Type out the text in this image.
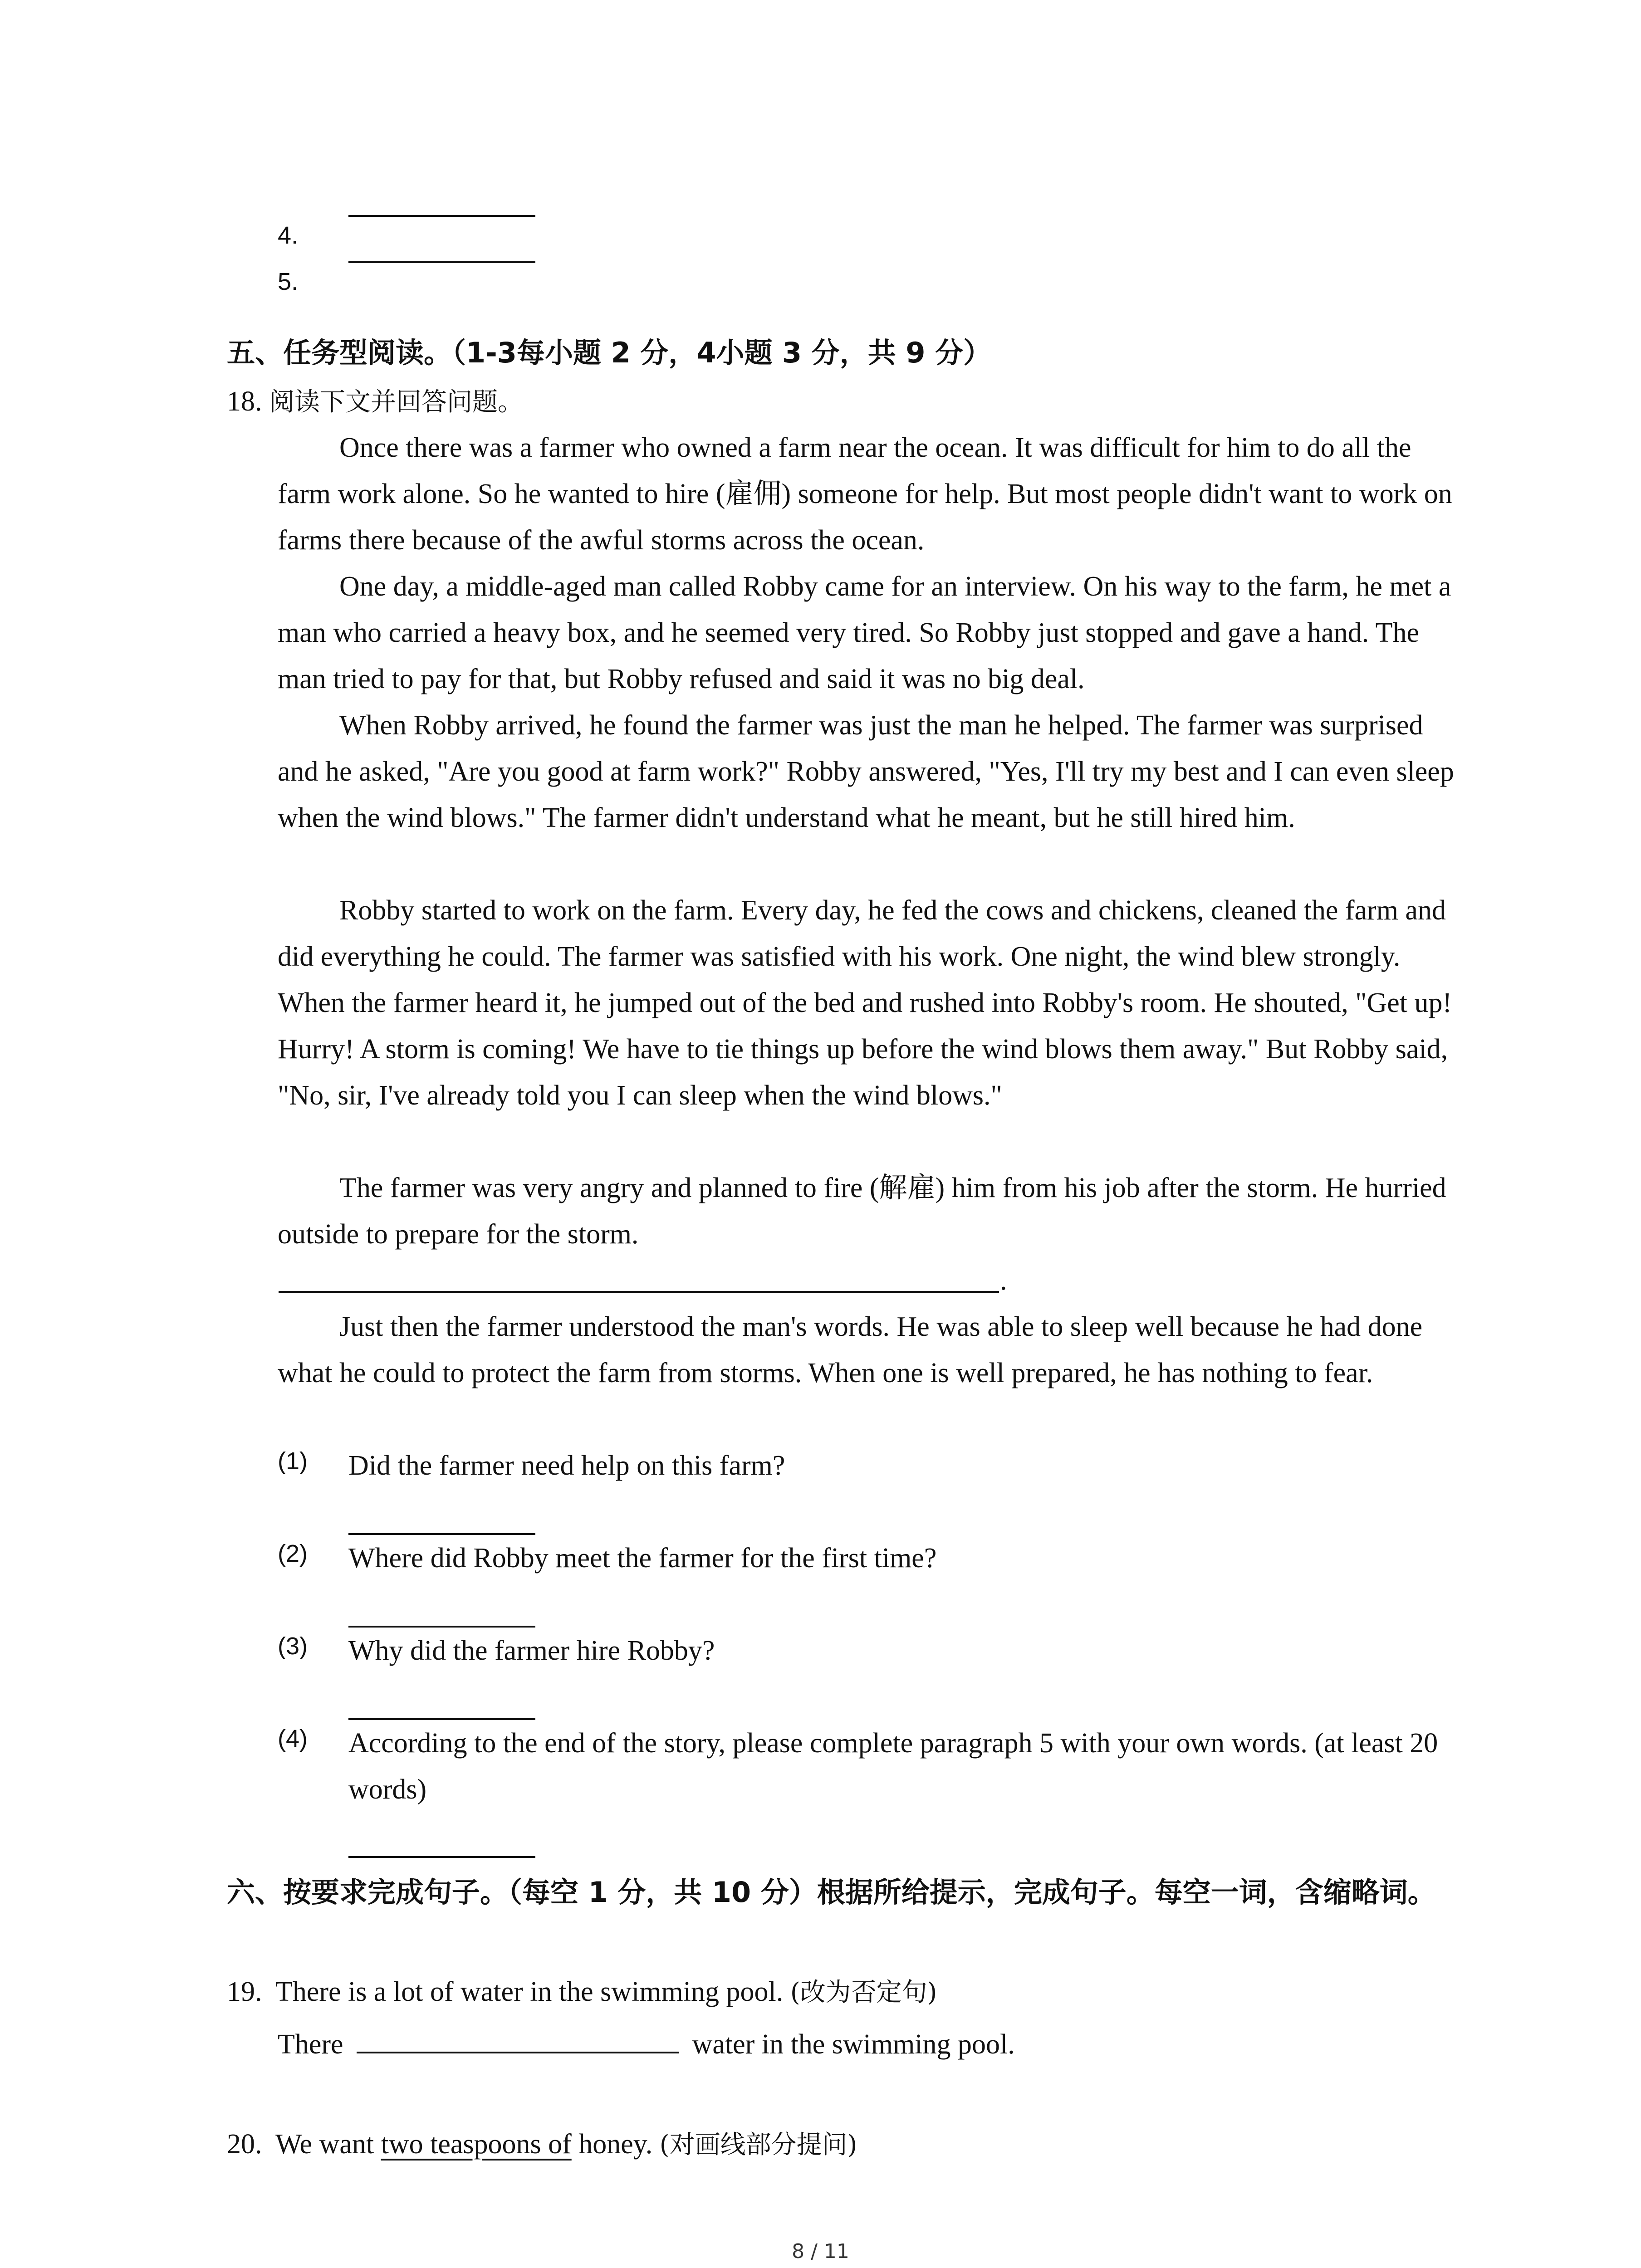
4.
5.
五、任务型阅读。（1-3每小题 2 分，4小题 3 分，共 9 分）
18. 阅读下文并回答问题。
Once there was a farmer who owned a farm near the ocean. It was difficult for him to do all the farm work alone. So he wanted to hire (雇佣) someone for help. But most people didn't want to work on farms there because of the awful storms across the ocean.
One day, a middle-aged man called Robby came for an interview. On his way to the farm, he met a man who carried a heavy box, and he seemed very tired. So Robby just stopped and gave a hand. The man tried to pay for that, but Robby refused and said it was no big deal.
When Robby arrived, he found the farmer was just the man he helped. The farmer was surprised and he asked, "Are you good at farm work?" Robby answered, "Yes, I'll try my best and I can even sleep when the wind blows." The farmer didn't understand what he meant, but he still hired him.
Robby started to work on the farm. Every day, he fed the cows and chickens, cleaned the farm and did everything he could. The farmer was satisfied with his work. One night, the wind blew strongly. When the farmer heard it, he jumped out of the bed and rushed into Robby's room. He shouted, "Get up! Hurry! A storm is coming! We have to tie things up before the wind blows them away." But Robby said, "No, sir, I've already told you I can sleep when the wind blows."
The farmer was very angry and planned to fire (解雇) him from his job after the storm. He hurried outside to prepare for the storm.
.
Just then the farmer understood the man's words. He was able to sleep well because he had done what he could to protect the farm from storms. When one is well prepared, he has nothing to fear.
(1) Did the farmer need help on this farm?
(2) Where did Robby meet the farmer for the first time?
(3) Why did the farmer hire Robby?
(4) According to the end of the story, please complete paragraph 5 with your own words. (at least 20 words)
六、按要求完成句子。（每空 1 分，共 10 分）根据所给提示，完成句子。每空一词，含缩略词。
19. There is a lot of water in the swimming pool. (改为否定句)
There	water in the swimming pool.
20. We want two teaspoons of honey. (对画线部分提问)
8 / 11
